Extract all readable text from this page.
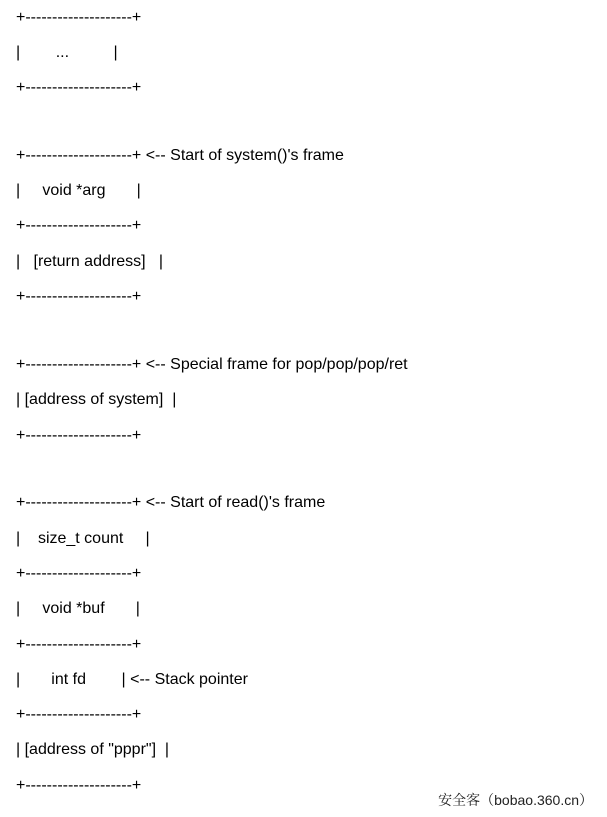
+--------------------+

|        ...          |

+--------------------+

+--------------------+ <-- Start of system()'s frame

|     void *arg       |

+--------------------+

|   [return address]   |

+--------------------+

+--------------------+ <-- Special frame for pop/pop/pop/ret

| [address of system]  |

+--------------------+

+--------------------+ <-- Start of read()'s frame

|    size_t count     |

+--------------------+

|     void *buf       |

+--------------------+

|       int fd        | <-- Stack pointer

+--------------------+

| [address of "pppr"]  |

+--------------------+

安全客（bobao.360.cn）
